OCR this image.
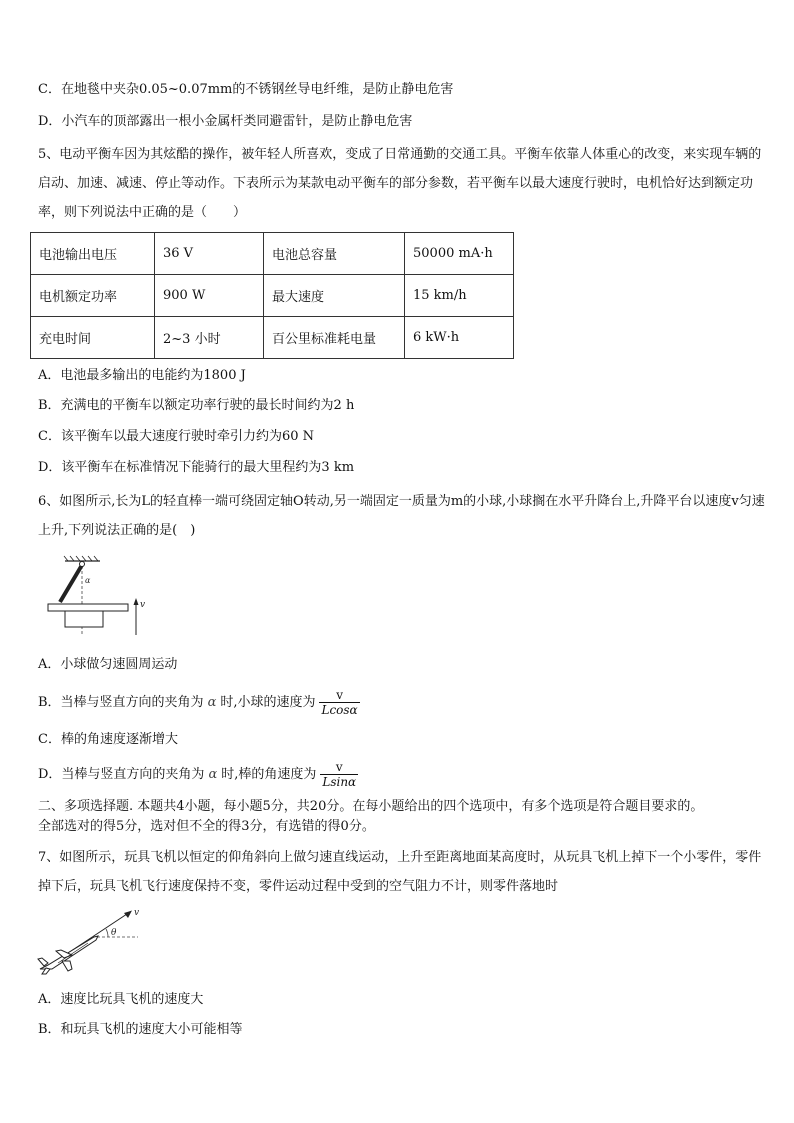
C．在地毯中夹杂0.05~0.07mm的不锈钢丝导电纤维，是防止静电危害
D．小汽车的顶部露出一根小金属杆类同避雷针，是防止静电危害
5、电动平衡车因为其炫酷的操作，被年轻人所喜欢，变成了日常通勤的交通工具。平衡车依靠人体重心的改变，来实现车辆的启动、加速、减速、停止等动作。下表所示为某款电动平衡车的部分参数，若平衡车以最大速度行驶时，电机恰好达到额定功率，则下列说法中正确的是（　　）
电池输出电压	36 V	电池总容量	50000 mA·h
电机额定功率	900 W	最大速度	15 km/h
充电时间	2~3 小时	百公里标准耗电量	6 kW·h
A．电池最多输出的电能约为1800 J
B．充满电的平衡车以额定功率行驶的最长时间约为2 h
C．该平衡车以最大速度行驶时牵引力约为60 N
D．该平衡车在标准情况下能骑行的最大里程约为3 km
6、如图所示,长为L的轻直棒一端可绕固定轴O转动,另一端固定一质量为m的小球,小球搁在水平升降台上,升降平台以速度v匀速上升,下列说法正确的是(　)
α
v
A．小球做匀速圆周运动
B．当棒与竖直方向的夹角为 α 时,小球的速度为 $\frac{v}{Lcos\alpha}$
C．棒的角速度逐渐增大
D．当棒与竖直方向的夹角为 α 时,棒的角速度为 $\frac{v}{Lsin\alpha}$
二、多项选择题. 本题共4小题，每小题5分，共20分。在每小题给出的四个选项中，有多个选项是符合题目要求的。
全部选对的得5分，选对但不全的得3分，有选错的得0分。
7、如图所示，玩具飞机以恒定的仰角斜向上做匀速直线运动，上升至距离地面某高度时，从玩具飞机上掉下一个小零件，零件掉下后，玩具飞机飞行速度保持不变，零件运动过程中受到的空气阻力不计，则零件落地时
v
θ
A．速度比玩具飞机的速度大
B．和玩具飞机的速度大小可能相等
